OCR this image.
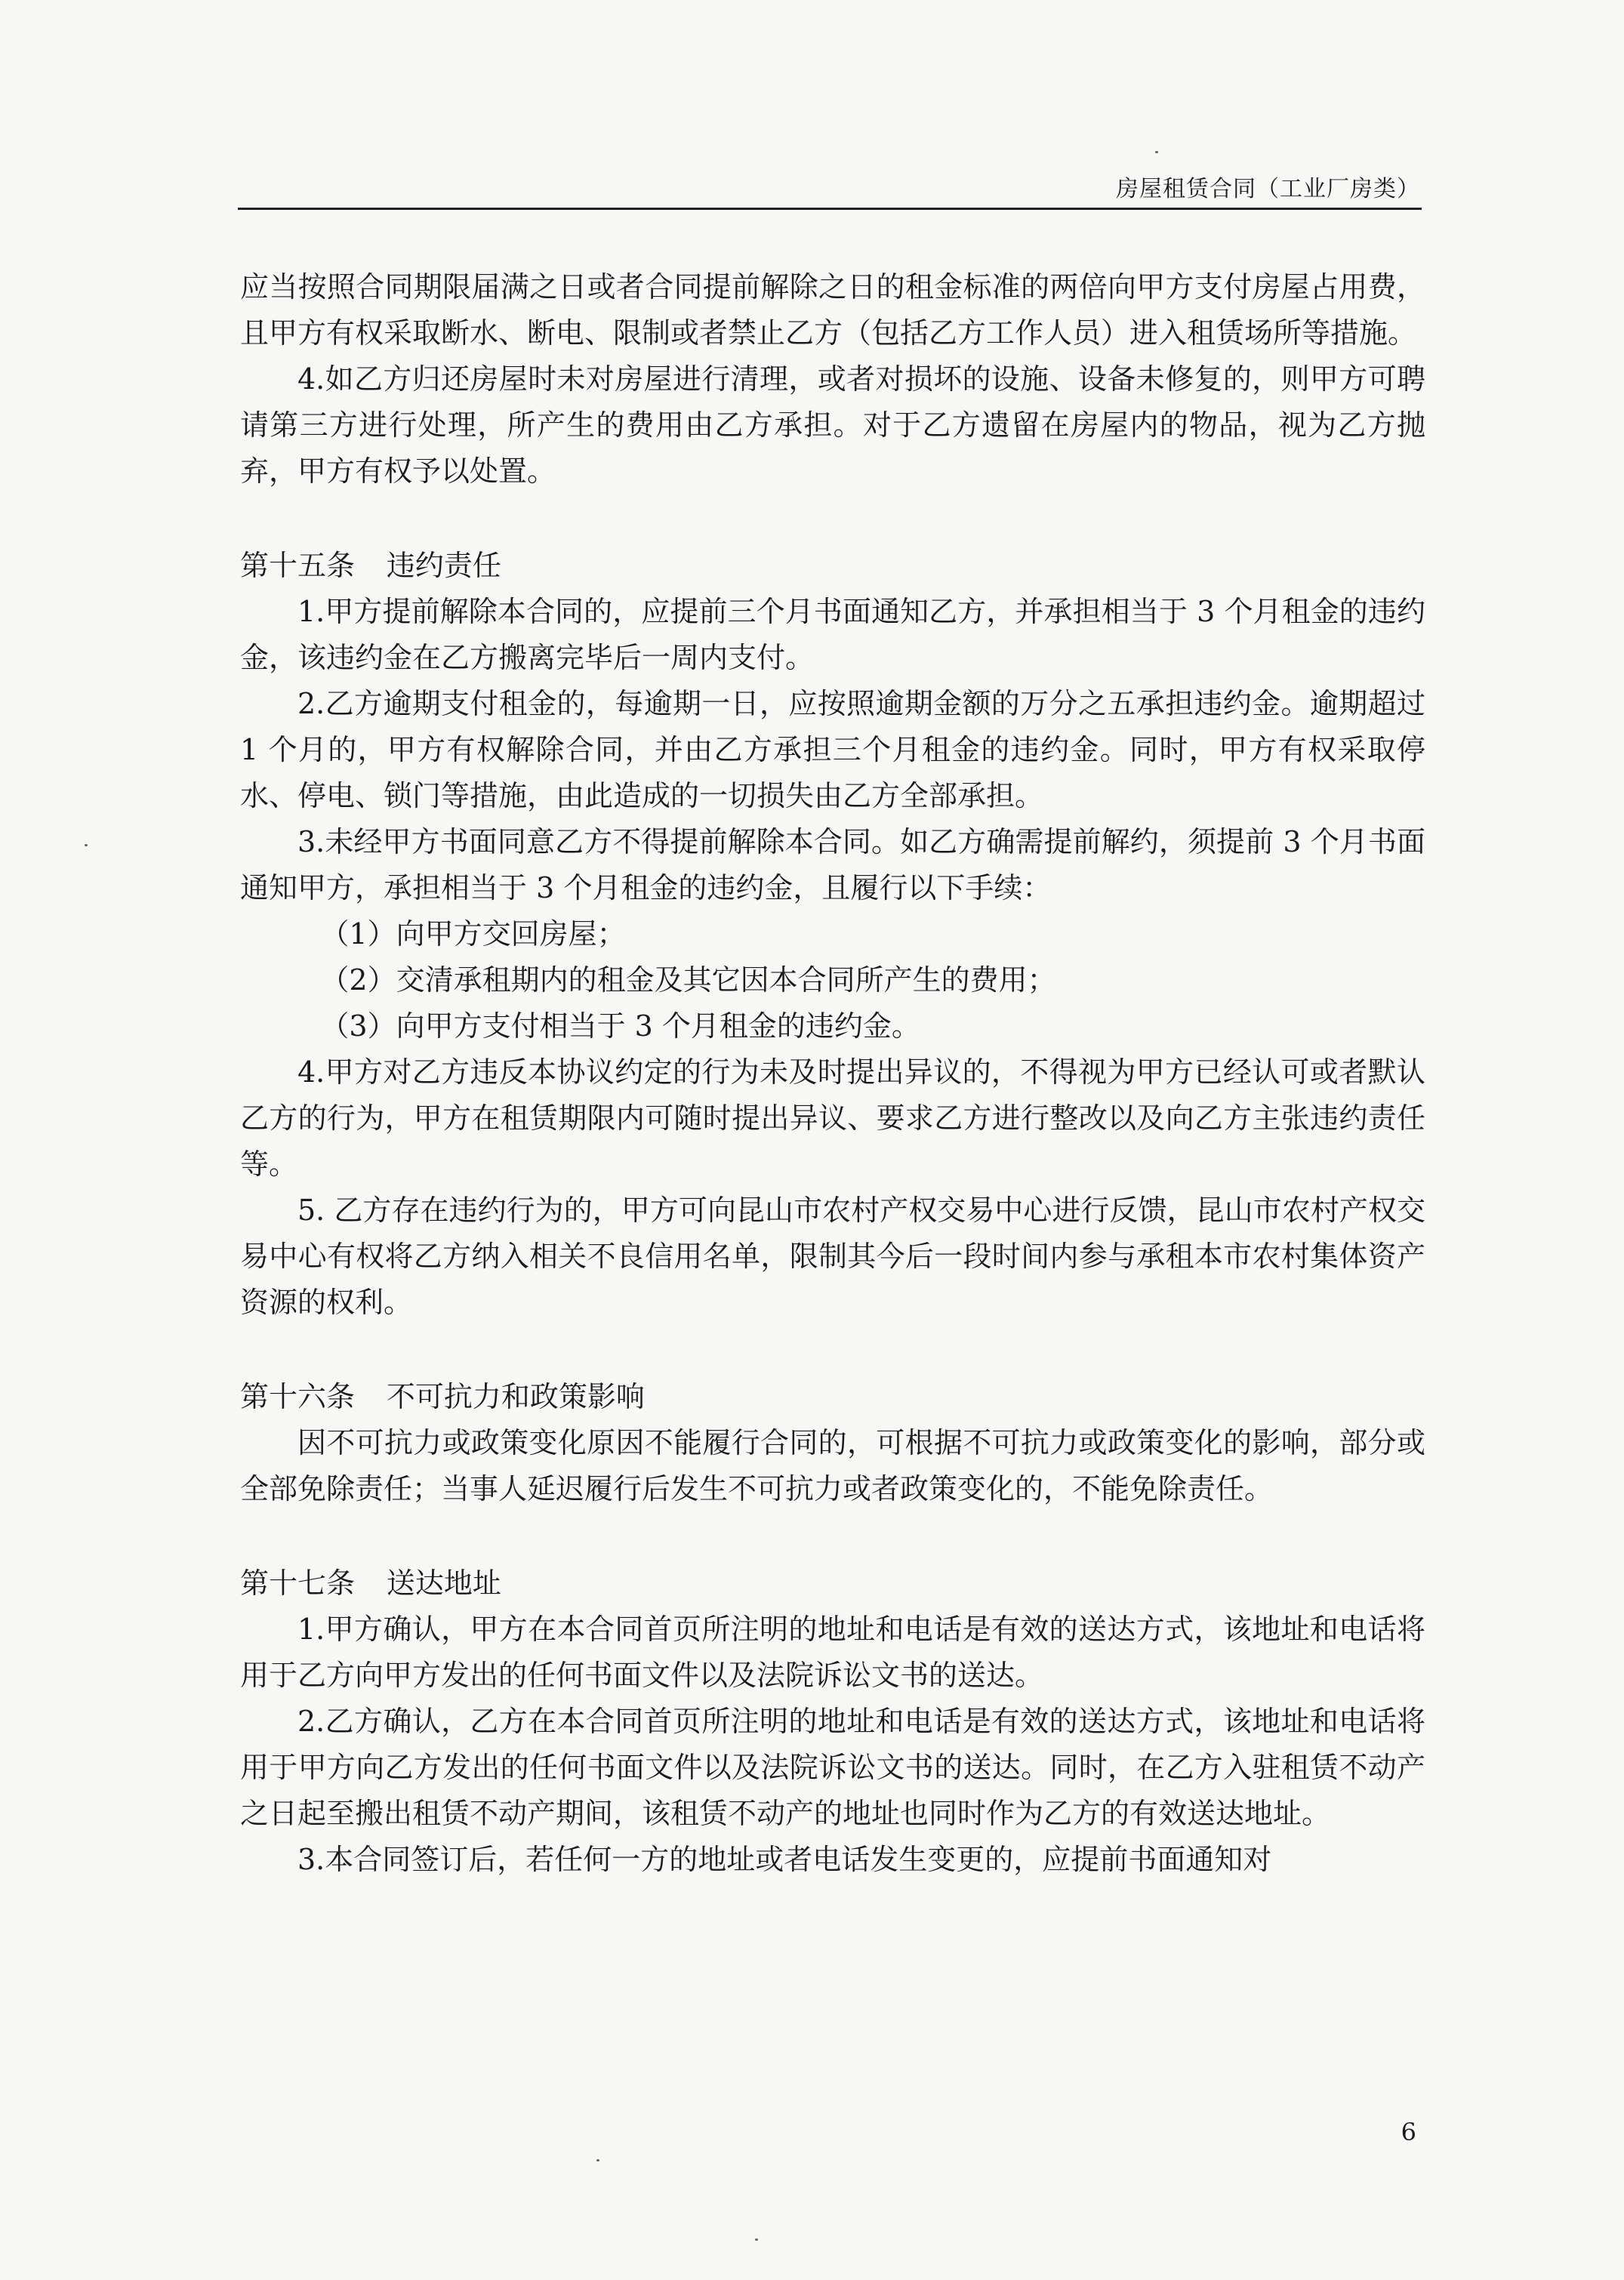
房屋租赁合同（工业厂房类）

应当按照合同期限届满之日或者合同提前解除之日的租金标准的两倍向甲方支付房屋占用费，且甲方有权采取断水、断电、限制或者禁止乙方（包括乙方工作人员）进入租赁场所等措施。

4.如乙方归还房屋时未对房屋进行清理，或者对损坏的设施、设备未修复的，则甲方可聘请第三方进行处理，所产生的费用由乙方承担。对于乙方遗留在房屋内的物品，视为乙方抛弃，甲方有权予以处置。

第十五条 违约责任

1.甲方提前解除本合同的，应提前三个月书面通知乙方，并承担相当于 3 个月租金的违约金，该违约金在乙方搬离完毕后一周内支付。

2.乙方逾期支付租金的，每逾期一日，应按照逾期金额的万分之五承担违约金。逾期超过 1 个月的，甲方有权解除合同，并由乙方承担三个月租金的违约金。同时，甲方有权采取停水、停电、锁门等措施，由此造成的一切损失由乙方全部承担。

3.未经甲方书面同意乙方不得提前解除本合同。如乙方确需提前解约，须提前 3 个月书面通知甲方，承担相当于 3 个月租金的违约金，且履行以下手续：

（1）向甲方交回房屋；

（2）交清承租期内的租金及其它因本合同所产生的费用；

（3）向甲方支付相当于 3 个月租金的违约金。

4.甲方对乙方违反本协议约定的行为未及时提出异议的，不得视为甲方已经认可或者默认乙方的行为，甲方在租赁期限内可随时提出异议、要求乙方进行整改以及向乙方主张违约责任等。

5. 乙方存在违约行为的，甲方可向昆山市农村产权交易中心进行反馈，昆山市农村产权交易中心有权将乙方纳入相关不良信用名单，限制其今后一段时间内参与承租本市农村集体资产资源的权利。

第十六条 不可抗力和政策影响

因不可抗力或政策变化原因不能履行合同的，可根据不可抗力或政策变化的影响，部分或全部免除责任；当事人延迟履行后发生不可抗力或者政策变化的，不能免除责任。

第十七条 送达地址

1.甲方确认，甲方在本合同首页所注明的地址和电话是有效的送达方式，该地址和电话将用于乙方向甲方发出的任何书面文件以及法院诉讼文书的送达。

2.乙方确认，乙方在本合同首页所注明的地址和电话是有效的送达方式，该地址和电话将用于甲方向乙方发出的任何书面文件以及法院诉讼文书的送达。同时，在乙方入驻租赁不动产之日起至搬出租赁不动产期间，该租赁不动产的地址也同时作为乙方的有效送达地址。

3.本合同签订后，若任何一方的地址或者电话发生变更的，应提前书面通知对

6
